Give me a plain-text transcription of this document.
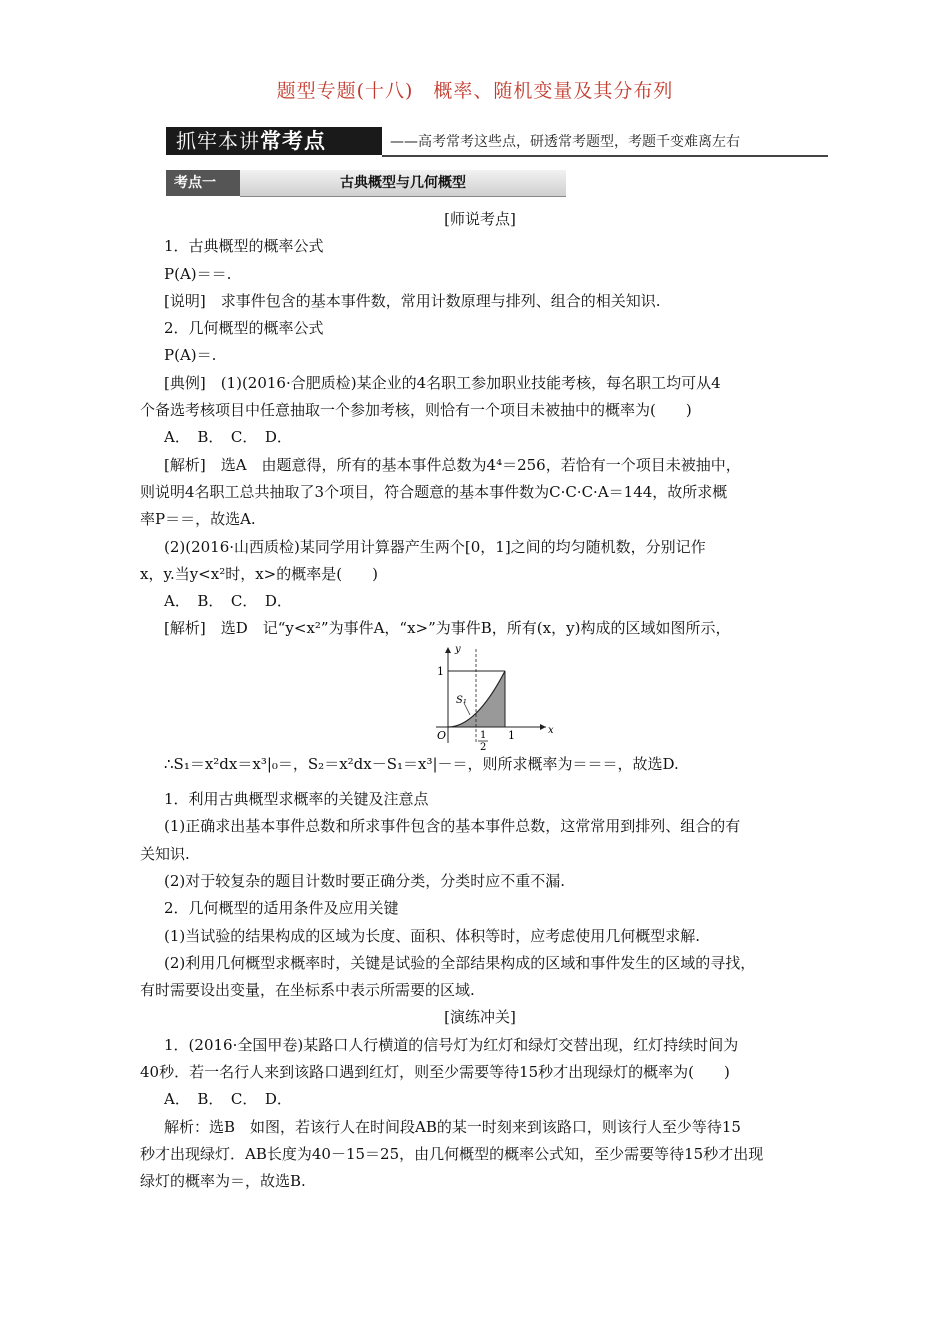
题型专题(十八)　概率、随机变量及其分布列
抓牢本讲常考点	——高考常考这些点，研透常考题型，考题千变难离左右
考点一	古典概型与几何概型

[师说考点]

1．古典概型的概率公式

P(A)＝＝.

[说明]　求事件包含的基本事件数，常用计数原理与排列、组合的相关知识.

2．几何概型的概率公式

P(A)＝.

[典例]　(1)(2016·合肥质检)某企业的4名职工参加职业技能考核，每名职工均可从4

个备选考核项目中任意抽取一个参加考核，则恰有一个项目未被抽中的概率为(　　)

A．　B．　C．　D．

[解析]　选A　由题意得，所有的基本事件总数为4⁴＝256，若恰有一个项目未被抽中，

则说明4名职工总共抽取了3个项目，符合题意的基本事件数为C·C·C·A＝144，故所求概

率P＝＝，故选A.

(2)(2016·山西质检)某同学用计算器产生两个[0，1]之间的均匀随机数，分别记作

x，y.当y<x²时，x>的概率是(　　)

A．　B．　C．　D．

[解析]　选D　记“y<x²”为事件A，“x>”为事件B，所有(x，y)构成的区域如图所示，

y
x
O
1
1
S₁
1
2

∴S₁＝x²dx＝x³|₀＝，S₂＝x²dx－S₁＝x³|－＝，则所求概率为＝＝＝，故选D.

1．利用古典概型求概率的关键及注意点

(1)正确求出基本事件总数和所求事件包含的基本事件总数，这常常用到排列、组合的有

关知识.

(2)对于较复杂的题目计数时要正确分类，分类时应不重不漏.

2．几何概型的适用条件及应用关键

(1)当试验的结果构成的区域为长度、面积、体积等时，应考虑使用几何概型求解.

(2)利用几何概型求概率时，关键是试验的全部结果构成的区域和事件发生的区域的寻找，

有时需要设出变量，在坐标系中表示所需要的区域.

[演练冲关]

1．(2016·全国甲卷)某路口人行横道的信号灯为红灯和绿灯交替出现，红灯持续时间为

40秒．若一名行人来到该路口遇到红灯，则至少需要等待15秒才出现绿灯的概率为(　　)

A．　B．　C．　D．

解析：选B　如图，若该行人在时间段AB的某一时刻来到该路口，则该行人至少等待15

秒才出现绿灯．AB长度为40－15＝25，由几何概型的概率公式知，至少需要等待15秒才出现

绿灯的概率为＝，故选B.
